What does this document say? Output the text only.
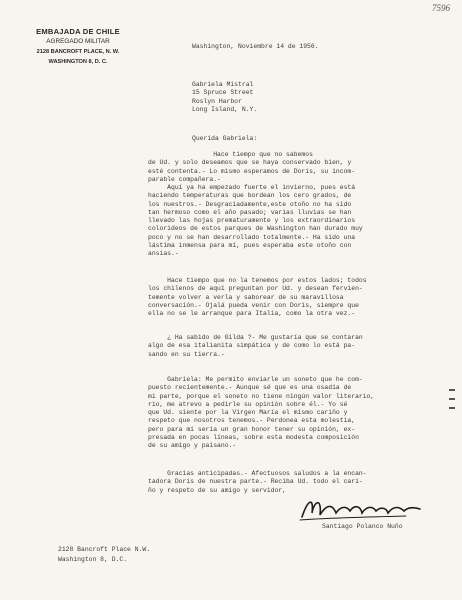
7596
EMBAJADA DE CHILE
AGREGADO MILITAR
2128 BANCROFT PLACE, N. W.
WASHINGTON 8, D. C.
Washington, Noviembre 14 de 1956.
Gabriela Mistral
15 Spruce Street
Roslyn Harbor
Long Island, N.Y.
Querida Gabriela:
Hace tiempo que no sabemos
de Ud. y solo deseamos que se haya conservado bien, y
esté contenta.- Lo mismo esperamos de Doris, su incom-
parable compañera.-
Aquí ya ha empezado fuerte el invierno, pues está
haciendo temperaturas que bordean los cero grados, de
los nuestros.- Desgraciadamente,este otoño no ha sido
tan hermoso como el año pasado; varias lluvias se han
llevado las hojas prematuramente y los extraordinarios
colorideos de estos parques de Washington han durado muy
poco y no se han desarrollado totalmente.- Ha sido una
lástima inmensa para mí, pues esperaba este otoño con
ansias.-
Hace tiempo que no la tenemos por estos lados; todos
los chilenos de aquí preguntan por Ud. y desean fervien-
temente volver a verla y saborear de su maravillosa
conversación.- Ojalá pueda venir con Doris, siempre que
ella no se le arranque para Italia, como la otra vez.-
¿ Ha sabido de Gilda ?- Me gustaría que se contaran
algo de esa italianita simpática y de como lo está pa-
sando en su tierra.-
Gabriela: Me permito enviarle un soneto que he com-
puesto recientemente.- Aunque sé que es una osadía de
mi parte, porque el soneto no tiene ningún valor literario,
rio, me atrevo a pedirle su opinión sobre él.- Yo sé
que Ud. siente por la Virgen María el mismo cariño y
respeto que nosotros tenemos.- Perdonea esta molestia,
pero para mí sería un gran honor tener su opinión, ex-
presada en pocas líneas, sobre esta modesta composición
de su amigo y paisano.-
Gracias anticipadas.- Afectuosos saludos a la encan-
tadora Doris de nuestra parte.- Reciba Ud. todo el cari-
ño y respeto de su amigo y servidor,
Santiago Polanco Nuño
2128 Bancroft Place N.W.
Washington 8, D.C.
